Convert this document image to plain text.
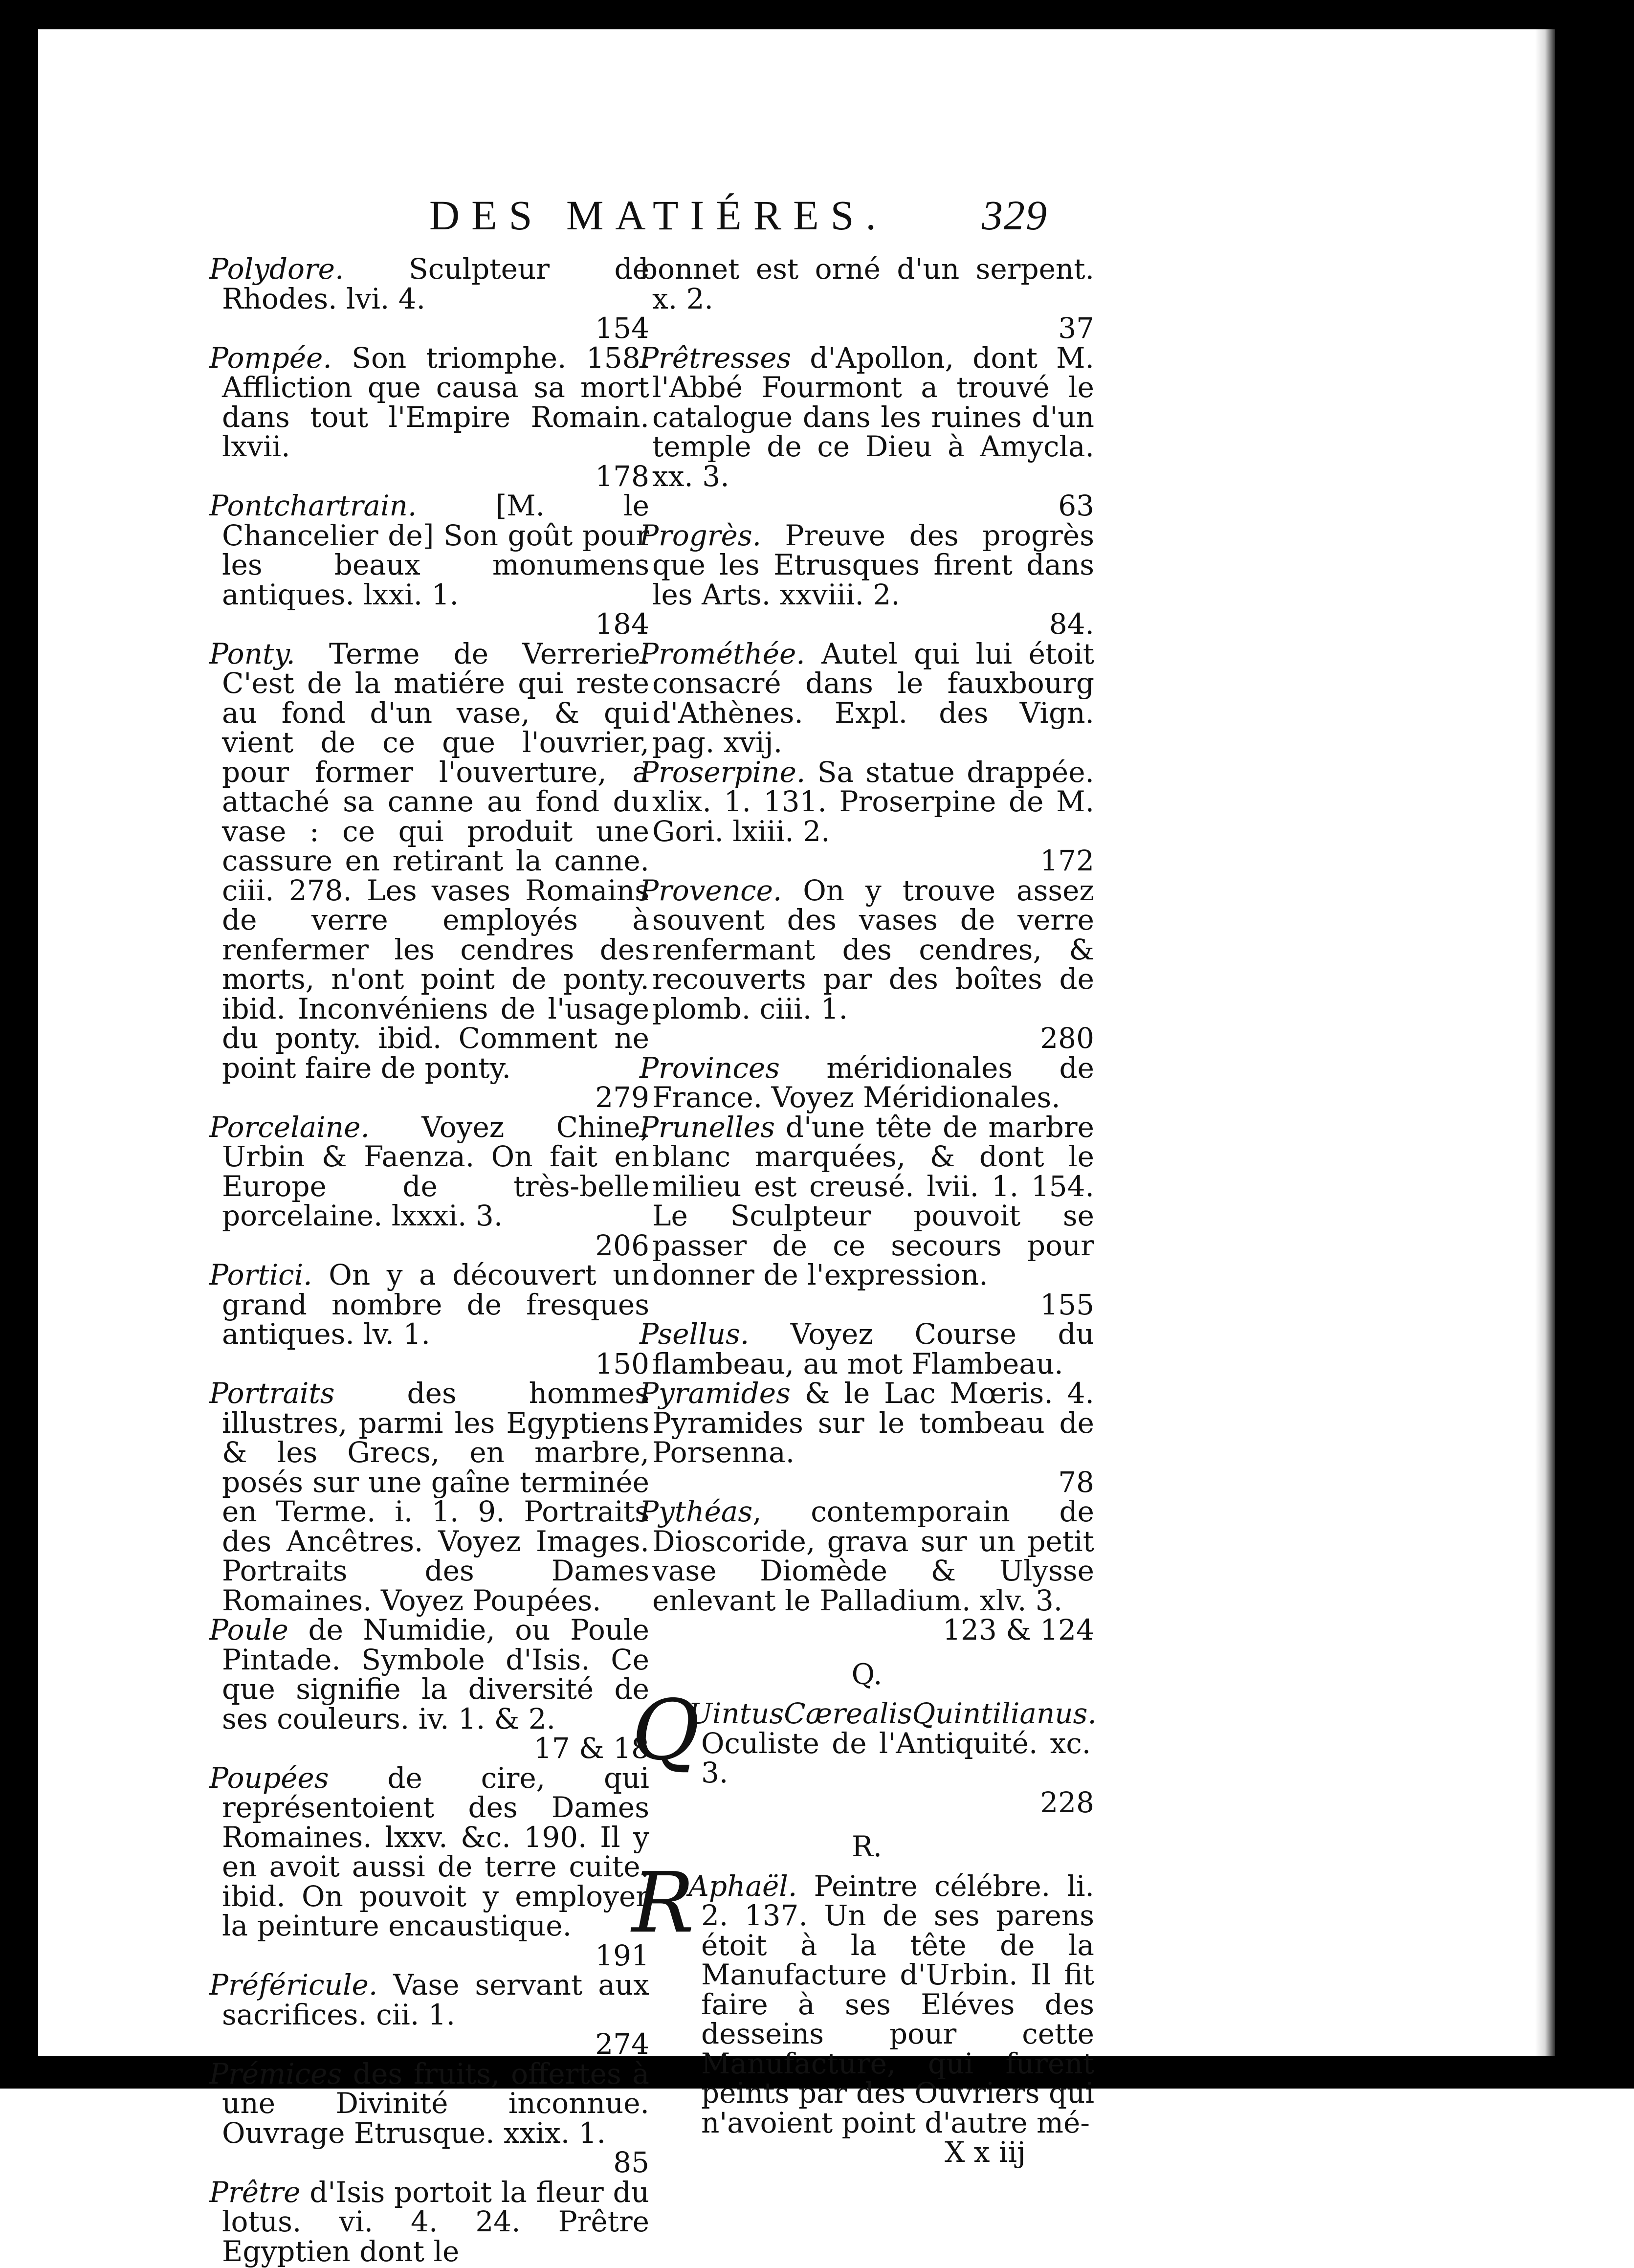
DES MATIÉRES. 329
Polydore. Sculpteur de Rhodes. lvi. 4.
154
Pompée. Son triomphe. 158. Affliction que causa sa mort dans tout l'Empire Romain. lxvii.
178
Pontchartrain. [M. le Chancelier de] Son goût pour les beaux monumens antiques. lxxi. 1.
184
Ponty. Terme de Verrerie. C'est de la matiére qui reste au fond d'un vase, & qui vient de ce que l'ouvrier, pour former l'ouverture, a attaché sa canne au fond du vase : ce qui produit une cassure en retirant la canne. ciii. 278. Les vases Romains de verre employés à renfermer les cendres des morts, n'ont point de ponty. ibid. Inconvéniens de l'usage du ponty. ibid. Comment ne point faire de ponty.
279
Porcelaine. Voyez Chine, Urbin & Faenza. On fait en Europe de très-belle porcelaine. lxxxi. 3.
206
Portici. On y a découvert un grand nombre de fresques antiques. lv. 1.
150
Portraits des hommes illustres, parmi les Egyptiens & les Grecs, en marbre, posés sur une gaîne terminée en Terme. i. 1. 9. Portraits des Ancêtres. Voyez Images. Portraits des Dames Romaines. Voyez Poupées.
Poule de Numidie, ou Poule Pintade. Symbole d'Isis. Ce que signifie la diversité de ses couleurs. iv. 1. & 2.
17 & 18
Poupées de cire, qui représentoient des Dames Romaines. lxxv. &c. 190. Il y en avoit aussi de terre cuite. ibid. On pouvoit y employer la peinture encaustique.
191
Préféricule. Vase servant aux sacrifices. cii. 1.
274
Prémices des fruits, offertes à une Divinité inconnue. Ouvrage Etrusque. xxix. 1.
85
Prêtre d'Isis portoit la fleur du lotus. vi. 4. 24. Prêtre Egyptien dont le
bonnet est orné d'un serpent. x. 2.
37
Prêtresses d'Apollon, dont M. l'Abbé Fourmont a trouvé le catalogue dans les ruines d'un temple de ce Dieu à Amycla. xx. 3.
63
Progrès. Preuve des progrès que les Etrusques firent dans les Arts. xxviii. 2.
84.
Prométhée. Autel qui lui étoit consacré dans le fauxbourg d'Athènes. Expl. des Vign. pag. xvij.
Proserpine. Sa statue drappée. xlix. 1. 131. Proserpine de M. Gori. lxiii. 2.
172
Provence. On y trouve assez souvent des vases de verre renfermant des cendres, & recouverts par des boîtes de plomb. ciii. 1.
280
Provinces méridionales de France. Voyez Méridionales.
Prunelles d'une tête de marbre blanc marquées, & dont le milieu est creusé. lvii. 1. 154. Le Sculpteur pouvoit se passer de ce secours pour donner de l'expression.
155
Psellus. Voyez Course du flambeau, au mot Flambeau.
Pyramides & le Lac Mœris. 4. Pyramides sur le tombeau de Porsenna.
78
Pythéas, contemporain de Dioscoride, grava sur un petit vase Diomède & Ulysse enlevant le Palladium. xlv. 3.
123 & 124
Q.
Q
UintusCærealisQuintilianus. Oculiste de l'Antiquité. xc. 3.
228
R.
R
Aphaël. Peintre célébre. li. 2. 137. Un de ses parens étoit à la tête de la Manufacture d'Urbin. Il fit faire à ses Eléves des desseins pour cette Manufacture, qui furent peints par des Ouvriers qui n'avoient point d'autre mé-
X x iij
